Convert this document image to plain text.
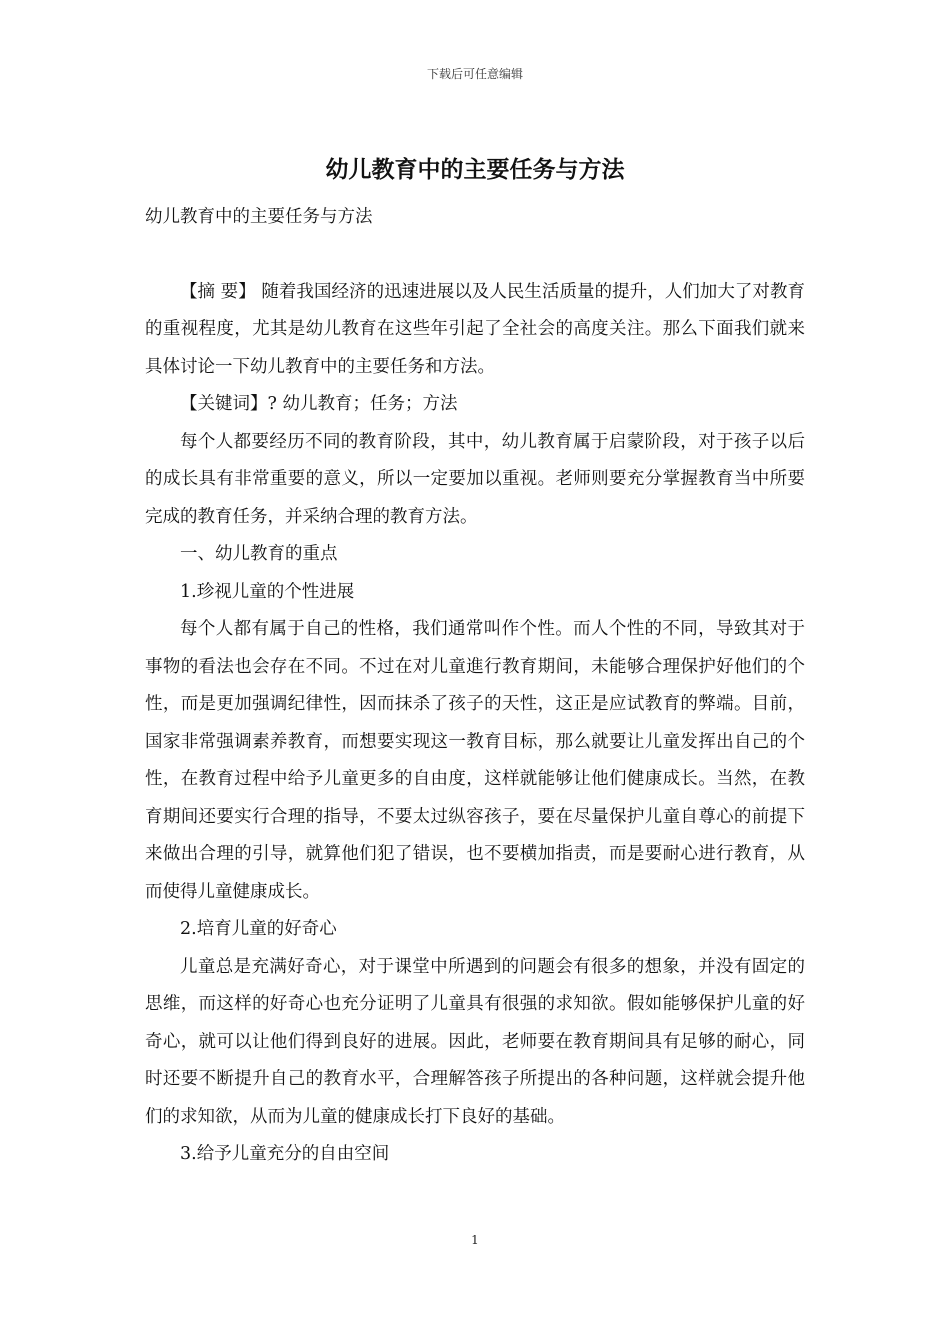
下载后可任意编辑
幼儿教育中的主要任务与方法

幼儿教育中的主要任务与方法

【摘 要】 随着我国经济的迅速进展以及人民生活质量的提升，人们加大了对教育的重视程度，尤其是幼儿教育在这些年引起了全社会的高度关注。那么下面我们就来具体讨论一下幼儿教育中的主要任务和方法。

【关键词】? 幼儿教育；任务；方法

每个人都要经历不同的教育阶段，其中，幼儿教育属于启蒙阶段，对于孩子以后的成长具有非常重要的意义，所以一定要加以重视。老师则要充分掌握教育当中所要完成的教育任务，并采纳合理的教育方法。

一、幼儿教育的重点

1.珍视儿童的个性进展

每个人都有属于自己的性格，我们通常叫作个性。而人个性的不同，导致其对于事物的看法也会存在不同。不过在对儿童進行教育期间，未能够合理保护好他们的个性，而是更加强调纪律性，因而抹杀了孩子的天性，这正是应试教育的弊端。目前，国家非常强调素养教育，而想要实现这一教育目标，那么就要让儿童发挥出自己的个性，在教育过程中给予儿童更多的自由度，这样就能够让他们健康成长。当然，在教育期间还要实行合理的指导，不要太过纵容孩子，要在尽量保护儿童自尊心的前提下来做出合理的引导，就算他们犯了错误，也不要横加指责，而是要耐心进行教育，从而使得儿童健康成长。

2.培育儿童的好奇心

儿童总是充满好奇心，对于课堂中所遇到的问题会有很多的想象，并没有固定的思维，而这样的好奇心也充分证明了儿童具有很强的求知欲。假如能够保护儿童的好奇心，就可以让他们得到良好的进展。因此，老师要在教育期间具有足够的耐心，同时还要不断提升自己的教育水平，合理解答孩子所提出的各种问题，这样就会提升他们的求知欲，从而为儿童的健康成长打下良好的基础。

3.给予儿童充分的自由空间

1
